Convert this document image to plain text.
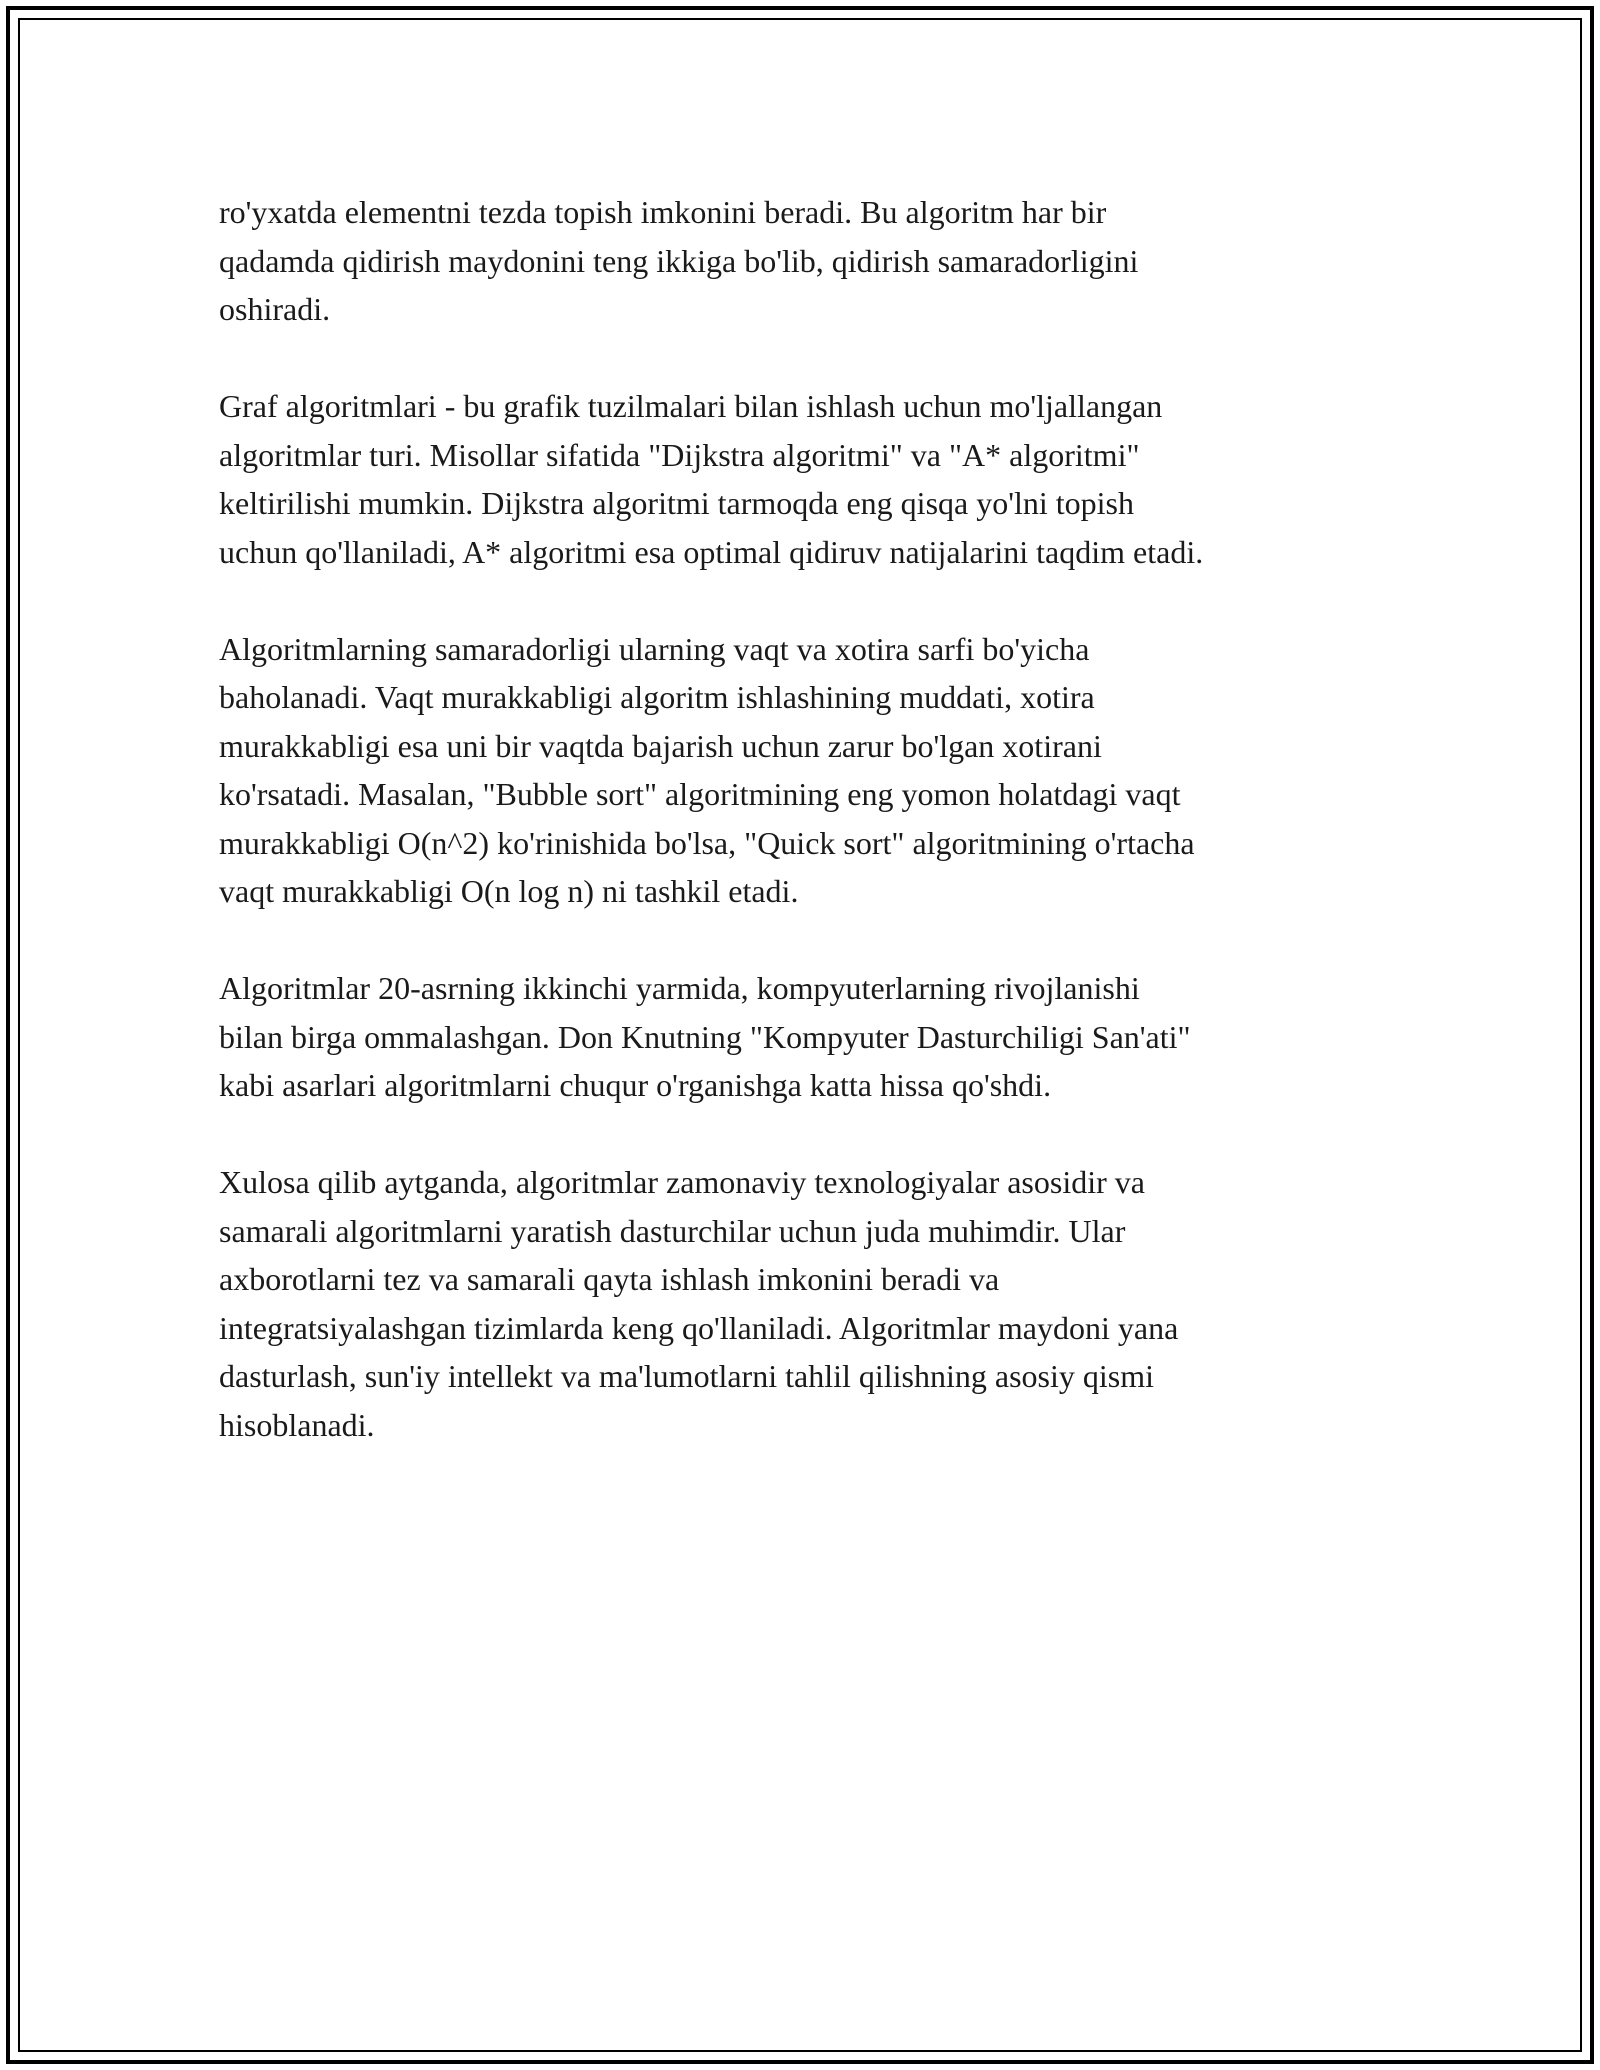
ro'yxatda elementni tezda topish imkonini beradi. Bu algoritm har bir
qadamda qidirish maydonini teng ikkiga bo'lib, qidirish samaradorligini
oshiradi.

Graf algoritmlari - bu grafik tuzilmalari bilan ishlash uchun mo'ljallangan
algoritmlar turi. Misollar sifatida "Dijkstra algoritmi" va "A* algoritmi"
keltirilishi mumkin. Dijkstra algoritmi tarmoqda eng qisqa yo'lni topish
uchun qo'llaniladi, A* algoritmi esa optimal qidiruv natijalarini taqdim etadi.

Algoritmlarning samaradorligi ularning vaqt va xotira sarfi bo'yicha
baholanadi. Vaqt murakkabligi algoritm ishlashining muddati, xotira
murakkabligi esa uni bir vaqtda bajarish uchun zarur bo'lgan xotirani
ko'rsatadi. Masalan, "Bubble sort" algoritmining eng yomon holatdagi vaqt
murakkabligi O(n^2) ko'rinishida bo'lsa, "Quick sort" algoritmining o'rtacha
vaqt murakkabligi O(n log n) ni tashkil etadi.

Algoritmlar 20-asrning ikkinchi yarmida, kompyuterlarning rivojlanishi
bilan birga ommalashgan. Don Knutning "Kompyuter Dasturchiligi San'ati"
kabi asarlari algoritmlarni chuqur o'rganishga katta hissa qo'shdi.

Xulosa qilib aytganda, algoritmlar zamonaviy texnologiyalar asosidir va
samarali algoritmlarni yaratish dasturchilar uchun juda muhimdir. Ular
axborotlarni tez va samarali qayta ishlash imkonini beradi va
integratsiyalashgan tizimlarda keng qo'llaniladi. Algoritmlar maydoni yana
dasturlash, sun'iy intellekt va ma'lumotlarni tahlil qilishning asosiy qismi
hisoblanadi.
